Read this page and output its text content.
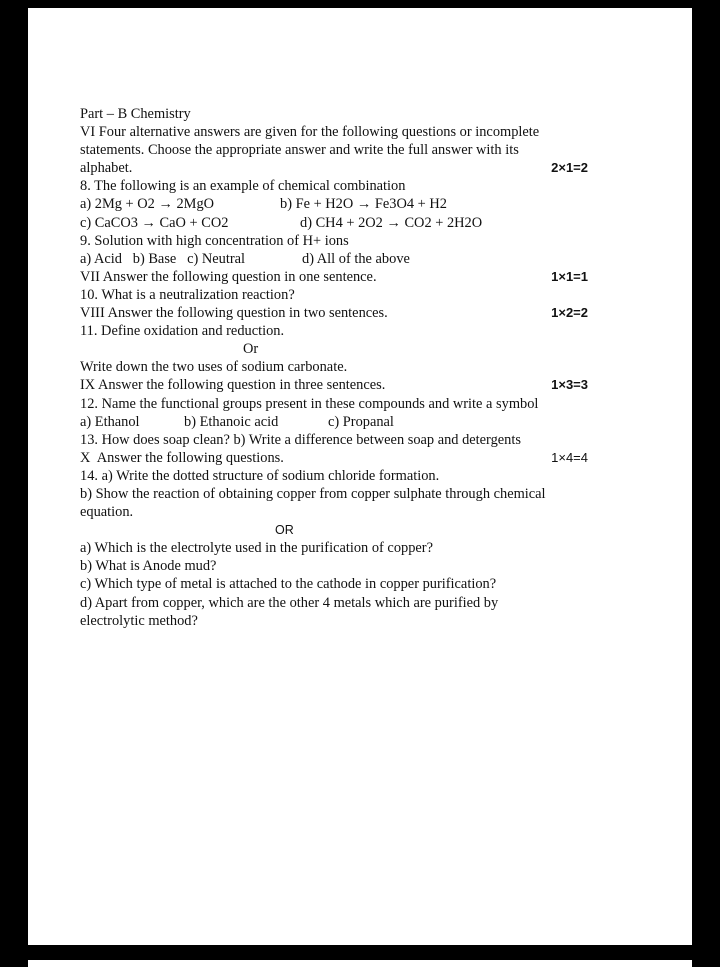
Part – B Chemistry
VI Four alternative answers are given for the following questions or incomplete
statements. Choose the appropriate answer and write the full answer with its
alphabet.	2×1=2
8. The following is an example of chemical combination
a) 2Mg + O2 → 2MgO	b) Fe + H2O → Fe3O4 + H2
c) CaCO3 → CaO + CO2	d) CH4 + 2O2 → CO2 + 2H2O
9. Solution with high concentration of H+ ions
a) Acid   b) Base   c) Neutral	d) All of the above
VII Answer the following question in one sentence.	1×1=1
10. What is a neutralization reaction?
VIII Answer the following question in two sentences.	1×2=2
11. Define oxidation and reduction.
Or
Write down the two uses of sodium carbonate.
IX Answer the following question in three sentences.	1×3=3
12. Name the functional groups present in these compounds and write a symbol
a) Ethanol	b) Ethanoic acid	c) Propanal
13. How does soap clean? b) Write a difference between soap and detergents
X  Answer the following questions.	1×4=4
14. a) Write the dotted structure of sodium chloride formation.
b) Show the reaction of obtaining copper from copper sulphate through chemical
equation.
OR
a) Which is the electrolyte used in the purification of copper?
b) What is Anode mud?
c) Which type of metal is attached to the cathode in copper purification?
d) Apart from copper, which are the other 4 metals which are purified by
electrolytic method?
